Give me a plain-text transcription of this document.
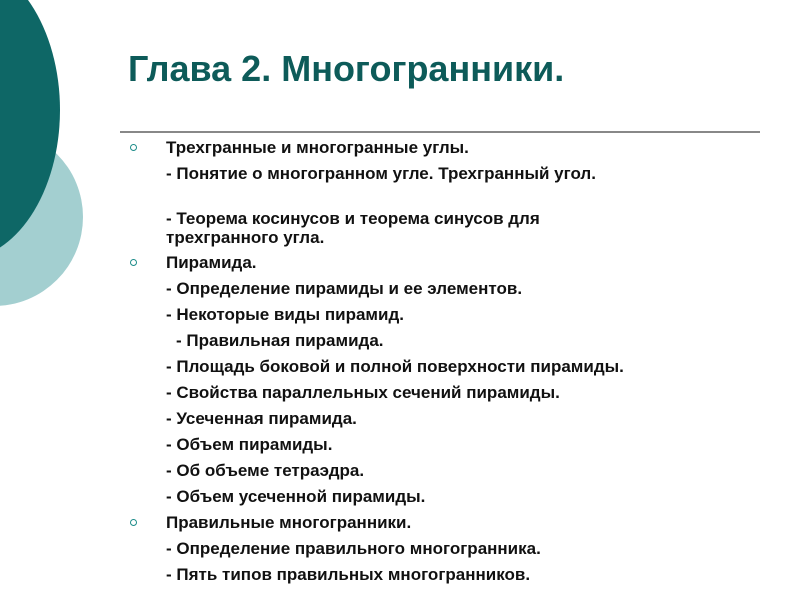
Глава 2. Многогранники.
Трехгранные и многогранные углы.
- Понятие о многогранном угле. Трехгранный угол.

- Теорема косинусов и теорема синусов для
трехгранного угла.

Пирамида.
- Определение пирамиды и ее элементов.
- Некоторые виды пирамид.
- Правильная пирамида.
- Площадь боковой и полной поверхности пирамиды.
- Свойства параллельных сечений пирамиды.
- Усеченная пирамида.
- Объем пирамиды.
- Об объеме тетраэдра.
- Объем усеченной пирамиды.
Правильные многогранники.
- Определение правильного многогранника.
- Пять типов правильных многогранников.
